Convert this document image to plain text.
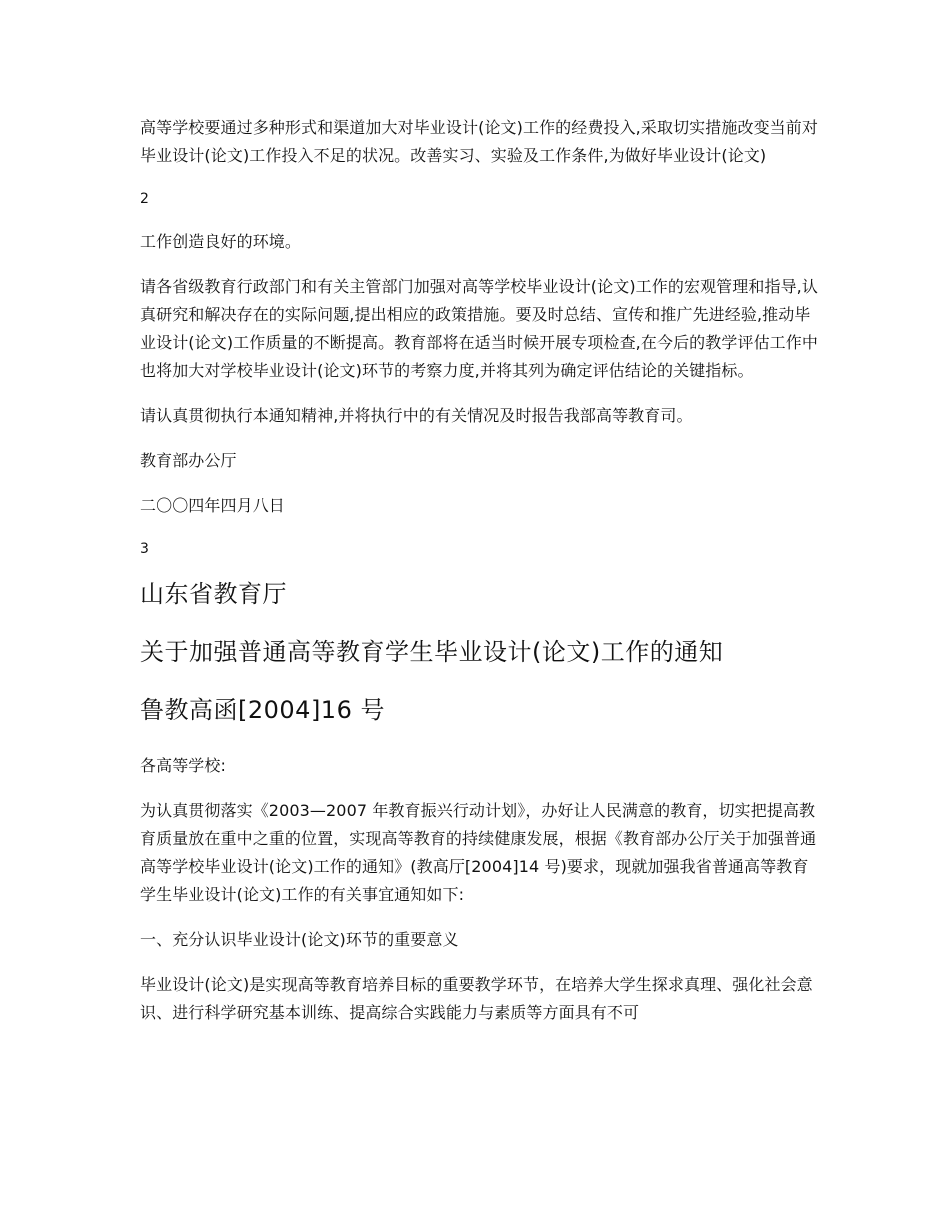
高等学校要通过多种形式和渠道加大对毕业设计(论文)工作的经费投入,采取切实措施改变当前对毕业设计(论文)工作投入不足的状况。改善实习、实验及工作条件,为做好毕业设计(论文)

2

工作创造良好的环境。

请各省级教育行政部门和有关主管部门加强对高等学校毕业设计(论文)工作的宏观管理和指导,认真研究和解决存在的实际问题,提出相应的政策措施。要及时总结、宣传和推广先进经验,推动毕业设计(论文)工作质量的不断提高。教育部将在适当时候开展专项检查,在今后的教学评估工作中也将加大对学校毕业设计(论文)环节的考察力度,并将其列为确定评估结论的关键指标。

请认真贯彻执行本通知精神,并将执行中的有关情况及时报告我部高等教育司。

教育部办公厅

二〇〇四年四月八日

3

山东省教育厅
关于加强普通高等教育学生毕业设计(论文)工作的通知
鲁教高函[2004]16 号

各高等学校:

为认真贯彻落实《2003—2007 年教育振兴行动计划》，办好让人民满意的教育，切实把提高教育质量放在重中之重的位置，实现高等教育的持续健康发展，根据《教育部办公厅关于加强普通高等学校毕业设计(论文)工作的通知》(教高厅[2004]14 号)要求，现就加强我省普通高等教育学生毕业设计(论文)工作的有关事宜通知如下:

一、充分认识毕业设计(论文)环节的重要意义

毕业设计(论文)是实现高等教育培养目标的重要教学环节，在培养大学生探求真理、强化社会意识、进行科学研究基本训练、提高综合实践能力与素质等方面具有不可
